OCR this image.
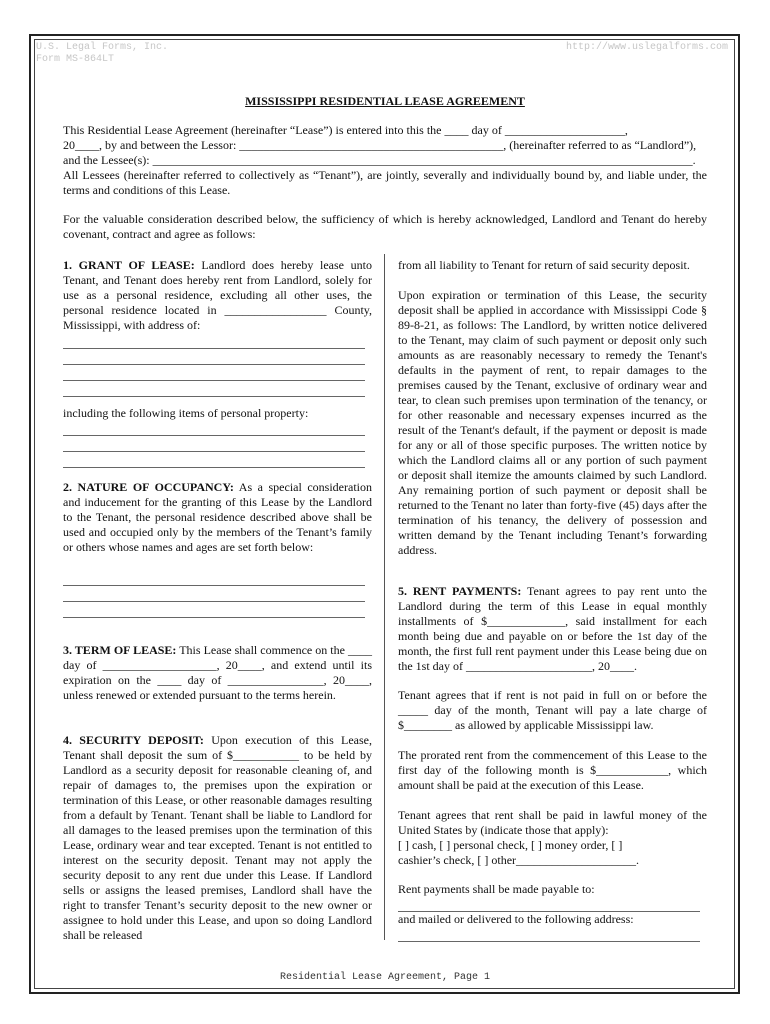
U.S. Legal Forms, Inc.
Form MS-864LT
http://www.uslegalforms.com
MISSISSIPPI RESIDENTIAL LEASE AGREEMENT

This Residential Lease Agreement (hereinafter “Lease”) is entered into this the ____ day of ____________________,

20____, by and between the Lessor: ____________________________________________, (hereinafter referred to as “Landlord”),

and the Lessee(s): __________________________________________________________________________________________.

All Lessees (hereinafter referred to collectively as “Tenant”), are jointly, severally and individually bound by, and liable under, the terms and conditions of this Lease.

For the valuable consideration described below, the sufficiency of which is hereby acknowledged, Landlord and Tenant do hereby covenant, contract and agree as follows:

1. GRANT OF LEASE: Landlord does hereby lease unto Tenant, and Tenant does hereby rent from Landlord, solely for use as a personal residence, excluding all other uses, the personal residence located in _________________ County, Mississippi, with address of:

including the following items of personal property:

2. NATURE OF OCCUPANCY: As a special consideration and inducement for the granting of this Lease by the Landlord to the Tenant, the personal residence described above shall be used and occupied only by the members of the Tenant’s family or others whose names and ages are set forth below:

3. TERM OF LEASE: This Lease shall commence on the ____ day of ___________________, 20____, and extend until its expiration on the ____ day of ________________, 20____, unless renewed or extended pursuant to the terms herein.

4. SECURITY DEPOSIT: Upon execution of this Lease, Tenant shall deposit the sum of $___________ to be held by Landlord as a security deposit for reasonable cleaning of, and repair of damages to, the premises upon the expiration or termination of this Lease, or other reasonable damages resulting from a default by Tenant. Tenant shall be liable to Landlord for all damages to the leased premises upon the termination of this Lease, ordinary wear and tear excepted. Tenant is not entitled to interest on the security deposit. Tenant may not apply the security deposit to any rent due under this Lease. If Landlord sells or assigns the leased premises, Landlord shall have the right to transfer Tenant’s security deposit to the new owner or assignee to hold under this Lease, and upon so doing Landlord shall be released

from all liability to Tenant for return of said security deposit.

Upon expiration or termination of this Lease, the security deposit shall be applied in accordance with Mississippi Code § 89-8-21, as follows: The Landlord, by written notice delivered to the Tenant, may claim of such payment or deposit only such amounts as are reasonably necessary to remedy the Tenant's defaults in the payment of rent, to repair damages to the premises caused by the Tenant, exclusive of ordinary wear and tear, to clean such premises upon termination of the tenancy, or for other reasonable and necessary expenses incurred as the result of the Tenant's default, if the payment or deposit is made for any or all of those specific purposes. The written notice by which the Landlord claims all or any portion of such payment or deposit shall itemize the amounts claimed by such Landlord. Any remaining portion of such payment or deposit shall be returned to the Tenant no later than forty-five (45) days after the termination of his tenancy, the delivery of possession and written demand by the Tenant including Tenant’s forwarding address.

5. RENT PAYMENTS: Tenant agrees to pay rent unto the Landlord during the term of this Lease in equal monthly installments of $_____________, said installment for each month being due and payable on or before the 1st day of the month, the first full rent payment under this Lease being due on the 1st day of _____________________, 20____.

Tenant agrees that if rent is not paid in full on or before the _____ day of the month, Tenant will pay a late charge of $________ as allowed by applicable Mississippi law.

The prorated rent from the commencement of this Lease to the first day of the following month is $____________, which amount shall be paid at the execution of this Lease.

Tenant agrees that rent shall be paid in lawful money of the United States by (indicate those that apply):

[ ] cash, [ ] personal check, [ ] money order, [ ]

cashier’s check, [ ] other____________________.

Rent payments shall be made payable to:

and mailed or delivered to the following address:

Residential Lease Agreement, Page 1
